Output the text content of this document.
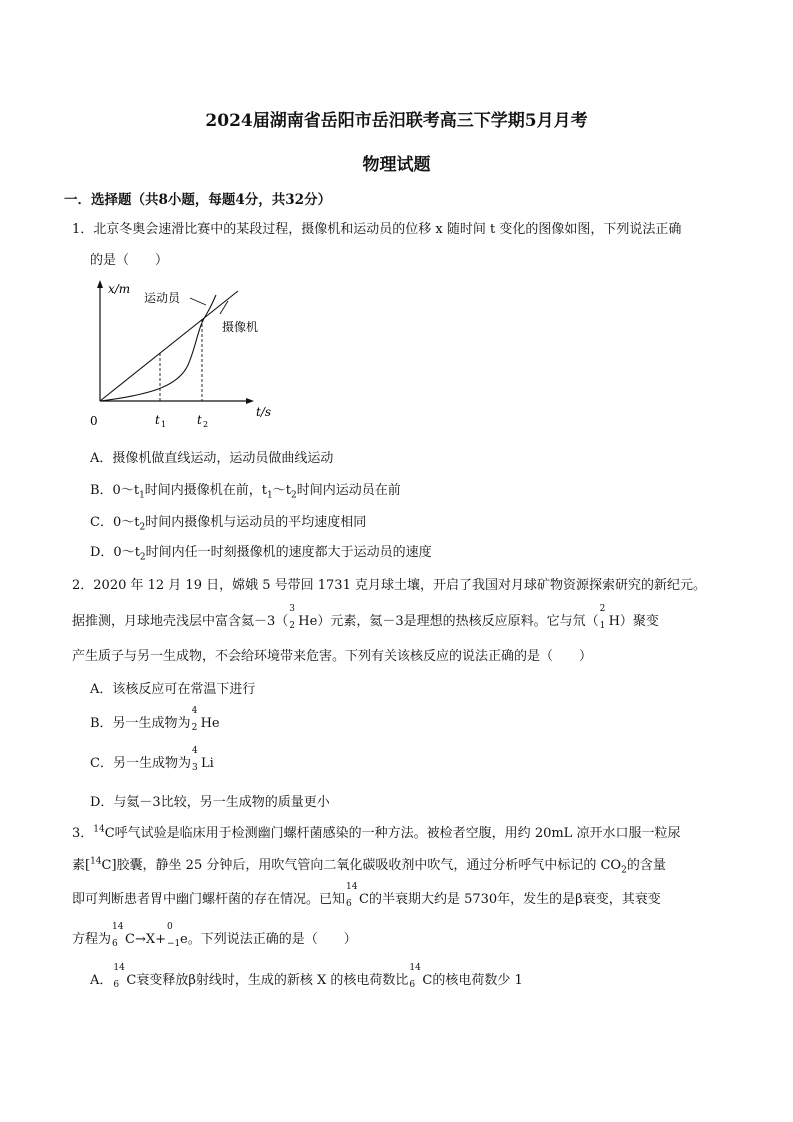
2024届湖南省岳阳市岳汨联考高三下学期5月月考
物理试题
一．选择题（共8小题，每题4分，共32分）
1．北京冬奥会速滑比赛中的某段过程，摄像机和运动员的位移 x 随时间 t 变化的图像如图，下列说法正确
的是（　　）
x/m
t/s
0	t 1	t 2
运动员
摄像机
A．摄像机做直线运动，运动员做曲线运动
B．$0\sim t_1$时间内摄像机在前，$t_1\sim t_2$时间内运动员在前
C．$0\sim t_2$时间内摄像机与运动员的平均速度相同
D．$0\sim t_2$时间内任一时刻摄像机的速度都大于运动员的速度
2．2020 年 12 月 19 日，嫦娥 5 号带回 1731 克月球土壤，开启了我国对月球矿物资源探索研究的新纪元。
据推测，月球地壳浅层中富含氦－3（
3
2 He）元素，氦－3是理想的热核反应原料。它与氘（
2
1 H）聚变
产生质子与另一生成物，不会给环境带来危害。下列有关该核反应的说法正确的是（　　）
A．该核反应可在常温下进行
B．另一生成物为
4
2 He
C．另一生成物为
4
3 Li
D．与氦－3比较，另一生成物的质量更小
3．$^{14}$C呼气试验是临床用于检测幽门螺杆菌感染的一种方法。被检者空腹，用约 20mL 凉开水口服一粒尿
素[$^{14}$C]胶囊，静坐 25 分钟后，用吹气管向二氧化碳吸收剂中吹气，通过分析呼气中标记的 $CO_2$的含量
即可判断患者胃中幽门螺杆菌的存在情况。已知
14
6 C的半衰期大约是 5730年，发生的是β衰变，其衰变
方程为
14
6 C→X+
0
−1 e。下列说法正确的是（　　）
A．
14
6 C衰变释放β射线时，生成的新核 X 的核电荷数比
14
6 C的核电荷数少 1
